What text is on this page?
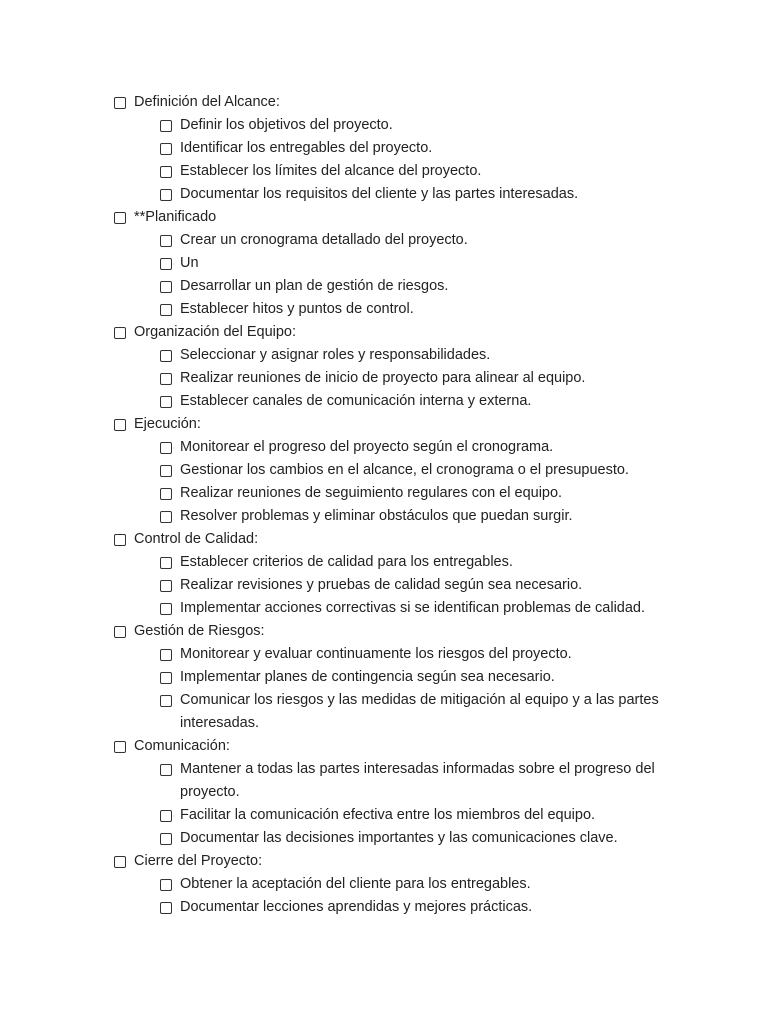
Definición del Alcance:
Definir los objetivos del proyecto.
Identificar los entregables del proyecto.
Establecer los límites del alcance del proyecto.
Documentar los requisitos del cliente y las partes interesadas.
**Planificado
Crear un cronograma detallado del proyecto.
Un
Desarrollar un plan de gestión de riesgos.
Establecer hitos y puntos de control.
Organización del Equipo:
Seleccionar y asignar roles y responsabilidades.
Realizar reuniones de inicio de proyecto para alinear al equipo.
Establecer canales de comunicación interna y externa.
Ejecución:
Monitorear el progreso del proyecto según el cronograma.
Gestionar los cambios en el alcance, el cronograma o el presupuesto.
Realizar reuniones de seguimiento regulares con el equipo.
Resolver problemas y eliminar obstáculos que puedan surgir.
Control de Calidad:
Establecer criterios de calidad para los entregables.
Realizar revisiones y pruebas de calidad según sea necesario.
Implementar acciones correctivas si se identifican problemas de calidad.
Gestión de Riesgos:
Monitorear y evaluar continuamente los riesgos del proyecto.
Implementar planes de contingencia según sea necesario.
Comunicar los riesgos y las medidas de mitigación al equipo y a las partes interesadas.
Comunicación:
Mantener a todas las partes interesadas informadas sobre el progreso del proyecto.
Facilitar la comunicación efectiva entre los miembros del equipo.
Documentar las decisiones importantes y las comunicaciones clave.
Cierre del Proyecto:
Obtener la aceptación del cliente para los entregables.
Documentar lecciones aprendidas y mejores prácticas.
